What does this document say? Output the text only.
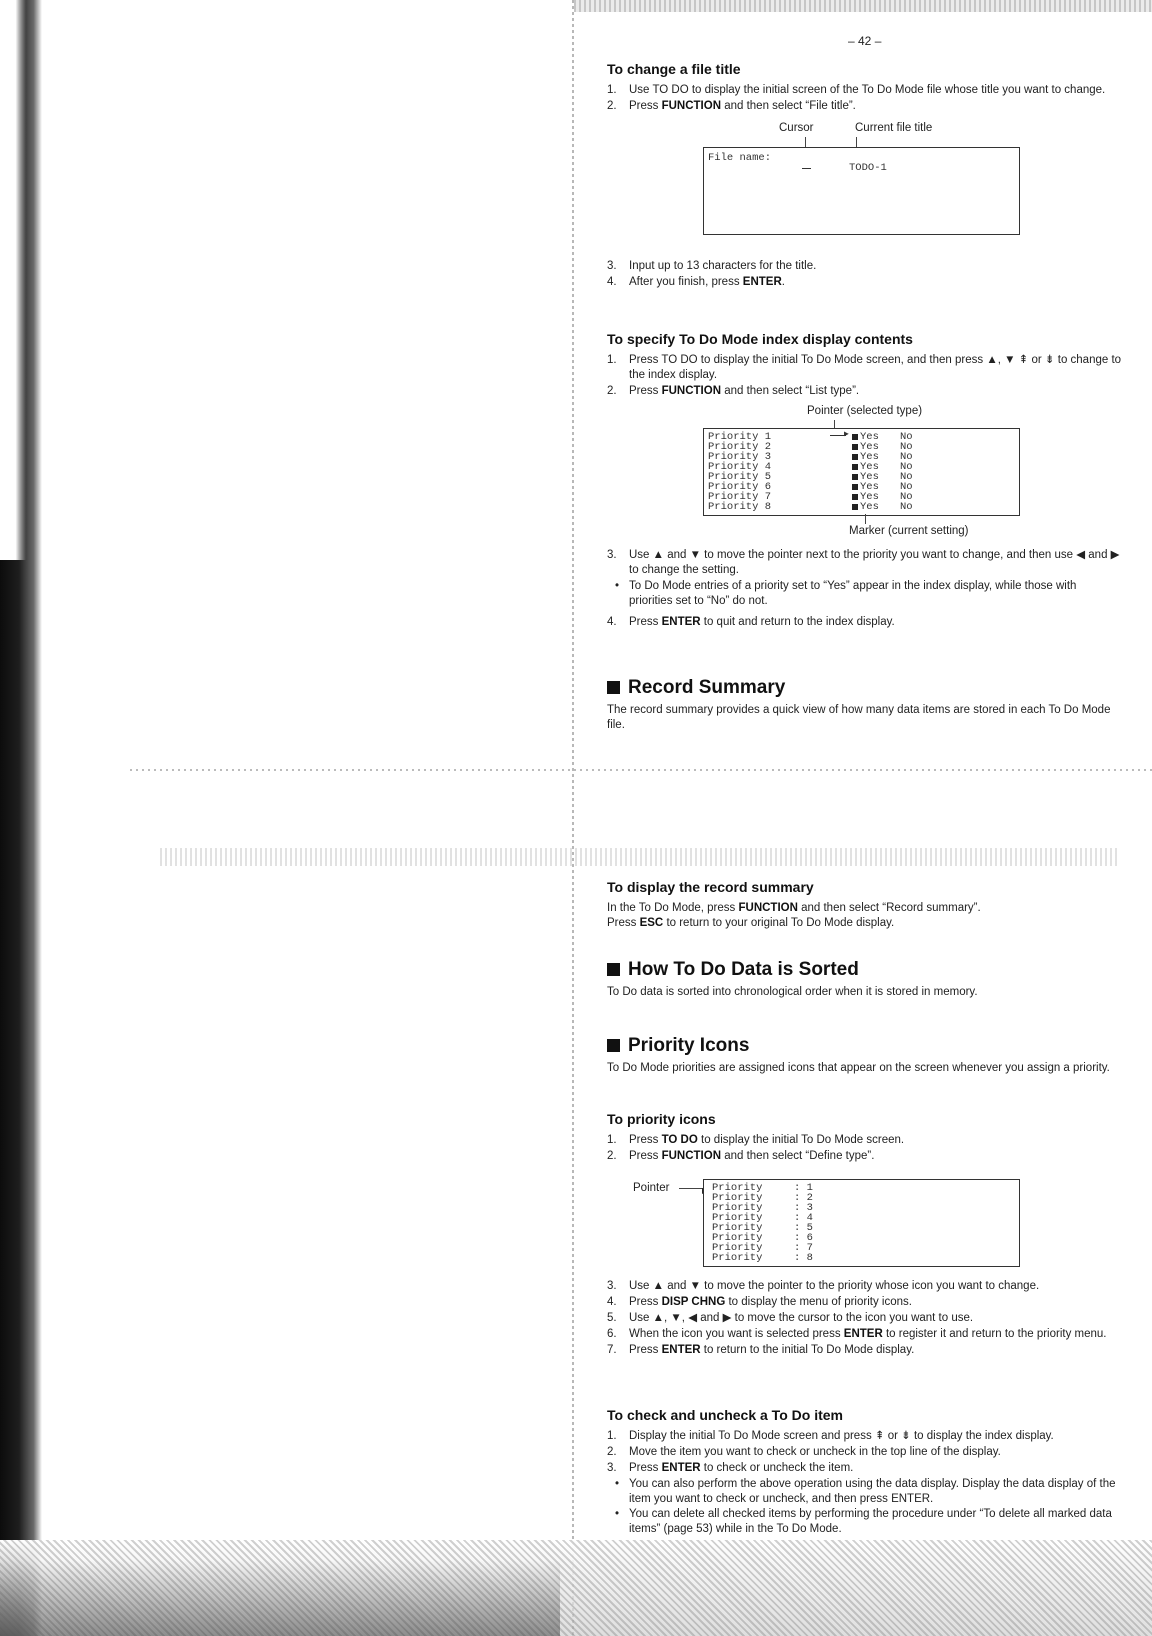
– 42 –
To change a file title
1.	Use TO DO to display the initial screen of the To Do Mode file whose title you want to change.
2.	Press FUNCTION and then select “File title”.
Cursor	Current file title
File name:
TODO-1
3.	Input up to 13 characters for the title.
4.	After you finish, press ENTER.
To specify To Do Mode index display contents
1.	Press TO DO to display the initial To Do Mode screen, and then press ▲, ▼ ⇞ or ⇟ to change to the index display.
2.	Press FUNCTION and then select “List type”.
Pointer (selected type)
Priority 1	Yes No
Priority 2	Yes No
Priority 3	Yes No
Priority 4	Yes No
Priority 5	Yes No
Priority 6	Yes No
Priority 7	Yes No
Priority 8	Yes No
▶
Marker (current setting)
3.	Use ▲ and ▼ to move the pointer next to the priority you want to change, and then use ◀ and ▶ to change the setting.
• To Do Mode entries of a priority set to “Yes” appear in the index display, while those with priorities set to “No” do not.
4.	Press ENTER to quit and return to the index display.
Record Summary

The record summary provides a quick view of how many data items are stored in each To Do Mode file.

To display the record summary

In the To Do Mode, press FUNCTION and then select “Record summary”.

Press ESC to return to your original To Do Mode display.

How To Do Data is Sorted

To Do data is sorted into chronological order when it is stored in memory.

Priority Icons

To Do Mode priorities are assigned icons that appear on the screen whenever you assign a priority.

To priority icons
1.	Press TO DO to display the initial To Do Mode screen.
2.	Press FUNCTION and then select “Define type”.
Pointer	Priority	: 1
Priority	: 2
Priority	: 3
Priority	: 4
Priority	: 5
Priority	: 6
Priority	: 7
Priority	: 8
3.	Use ▲ and ▼ to move the pointer to the priority whose icon you want to change.
4.	Press DISP CHNG to display the menu of priority icons.
5.	Use ▲, ▼, ◀ and ▶ to move the cursor to the icon you want to use.
6.	When the icon you want is selected press ENTER to register it and return to the priority menu.
7.	Press ENTER to return to the initial To Do Mode display.
To check and uncheck a To Do item
1.	Display the initial To Do Mode screen and press ⇞ or ⇟ to display the index display.
2.	Move the item you want to check or uncheck in the top line of the display.
3.	Press ENTER to check or uncheck the item.
• You can also perform the above operation using the data display. Display the data display of the item you want to check or uncheck, and then press ENTER.
• You can delete all checked items by performing the procedure under “To delete all marked data items” (page 53) while in the To Do Mode.
